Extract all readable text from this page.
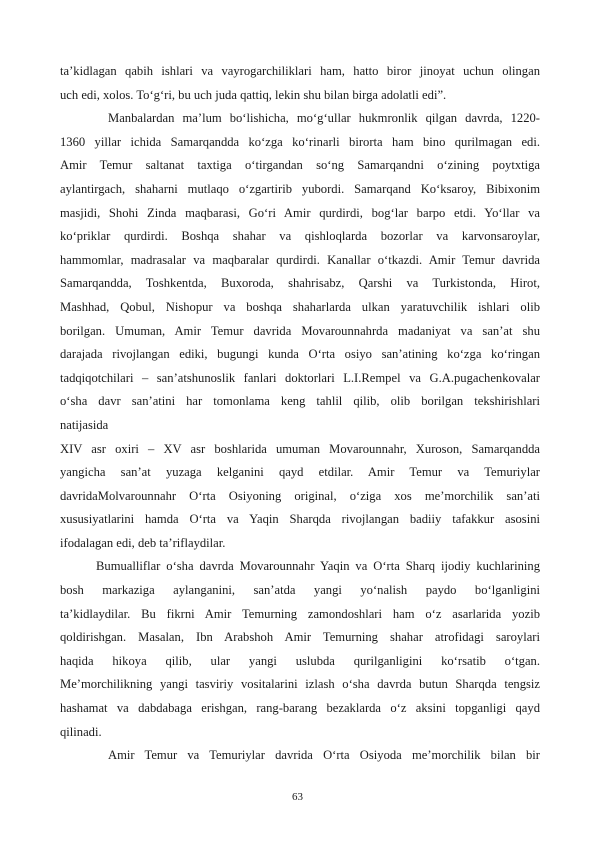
ta’kidlagan qabih ishlari va vayrogarchiliklari ham, hatto biror jinoyat uchun olingan
uch edi, xolos. To‘g‘ri, bu uch juda qattiq, lekin shu bilan birga adolatli edi”.
Manbalardan ma’lum bo‘lishicha, mo‘g‘ullar hukmronlik qilgan davrda, 1220-
1360 yillar ichida Samarqandda ko‘zga ko‘rinarli birorta ham bino qurilmagan edi.
Amir Temur saltanat taxtiga o‘tirgandan so‘ng Samarqandni o‘zining poytxtiga
aylantirgach, shaharni mutlaqo o‘zgartirib yubordi. Samarqand Ko‘ksaroy, Bibixonim
masjidi, Shohi Zinda maqbarasi, Go‘ri Amir qurdirdi, bog‘lar barpo etdi. Yo‘llar va
ko‘priklar qurdirdi. Boshqa shahar va qishloqlarda bozorlar va karvonsaroylar,
hammomlar, madrasalar va maqbaralar qurdirdi. Kanallar o‘tkazdi. Amir Temur davrida
Samarqandda, Toshkentda, Buxoroda, shahrisabz, Qarshi va Turkistonda, Hirot,
Mashhad, Qobul, Nishopur va boshqa shaharlarda ulkan yaratuvchilik ishlari olib
borilgan. Umuman, Amir Temur davrida Movarounnahrda madaniyat va san’at shu
darajada rivojlangan ediki, bugungi kunda O‘rta osiyo san’atining ko‘zga ko‘ringan
tadqiqotchilari – san’atshunoslik fanlari doktorlari L.I.Rempel va G.A.pugachenkovalar
o‘sha davr san’atini har tomonlama keng tahlil qilib, olib borilgan tekshirishlari
natijasida
XIV asr oxiri – XV asr boshlarida umuman Movarounnahr, Xuroson, Samarqandda
yangicha san’at yuzaga kelganini qayd etdilar. Amir Temur va Temuriylar
davridaMolvarounnahr O‘rta Osiyoning original, o‘ziga xos me’morchilik san’ati
xususiyatlarini hamda O‘rta va Yaqin Sharqda rivojlangan badiiy tafakkur asosini
ifodalagan edi, deb ta’riflaydilar.
Bumualliflar o‘sha davrda Movarounnahr Yaqin va O‘rta Sharq ijodiy kuchlarining
bosh markaziga aylanganini, san’atda yangi yo‘nalish paydo bo‘lganligini
ta’kidlaydilar. Bu fikrni Amir Temurning zamondoshlari ham o‘z asarlarida yozib
qoldirishgan. Masalan, Ibn Arabshoh Amir Temurning shahar atrofidagi saroylari
haqida hikoya qilib, ular yangi uslubda qurilganligini ko‘rsatib o‘tgan.
Me’morchilikning yangi tasviriy vositalarini izlash o‘sha davrda butun Sharqda tengsiz
hashamat va dabdabaga erishgan, rang-barang bezaklarda o‘z aksini topganligi qayd
qilinadi.
Amir Temur va Temuriylar davrida O‘rta Osiyoda me’morchilik bilan bir
63
